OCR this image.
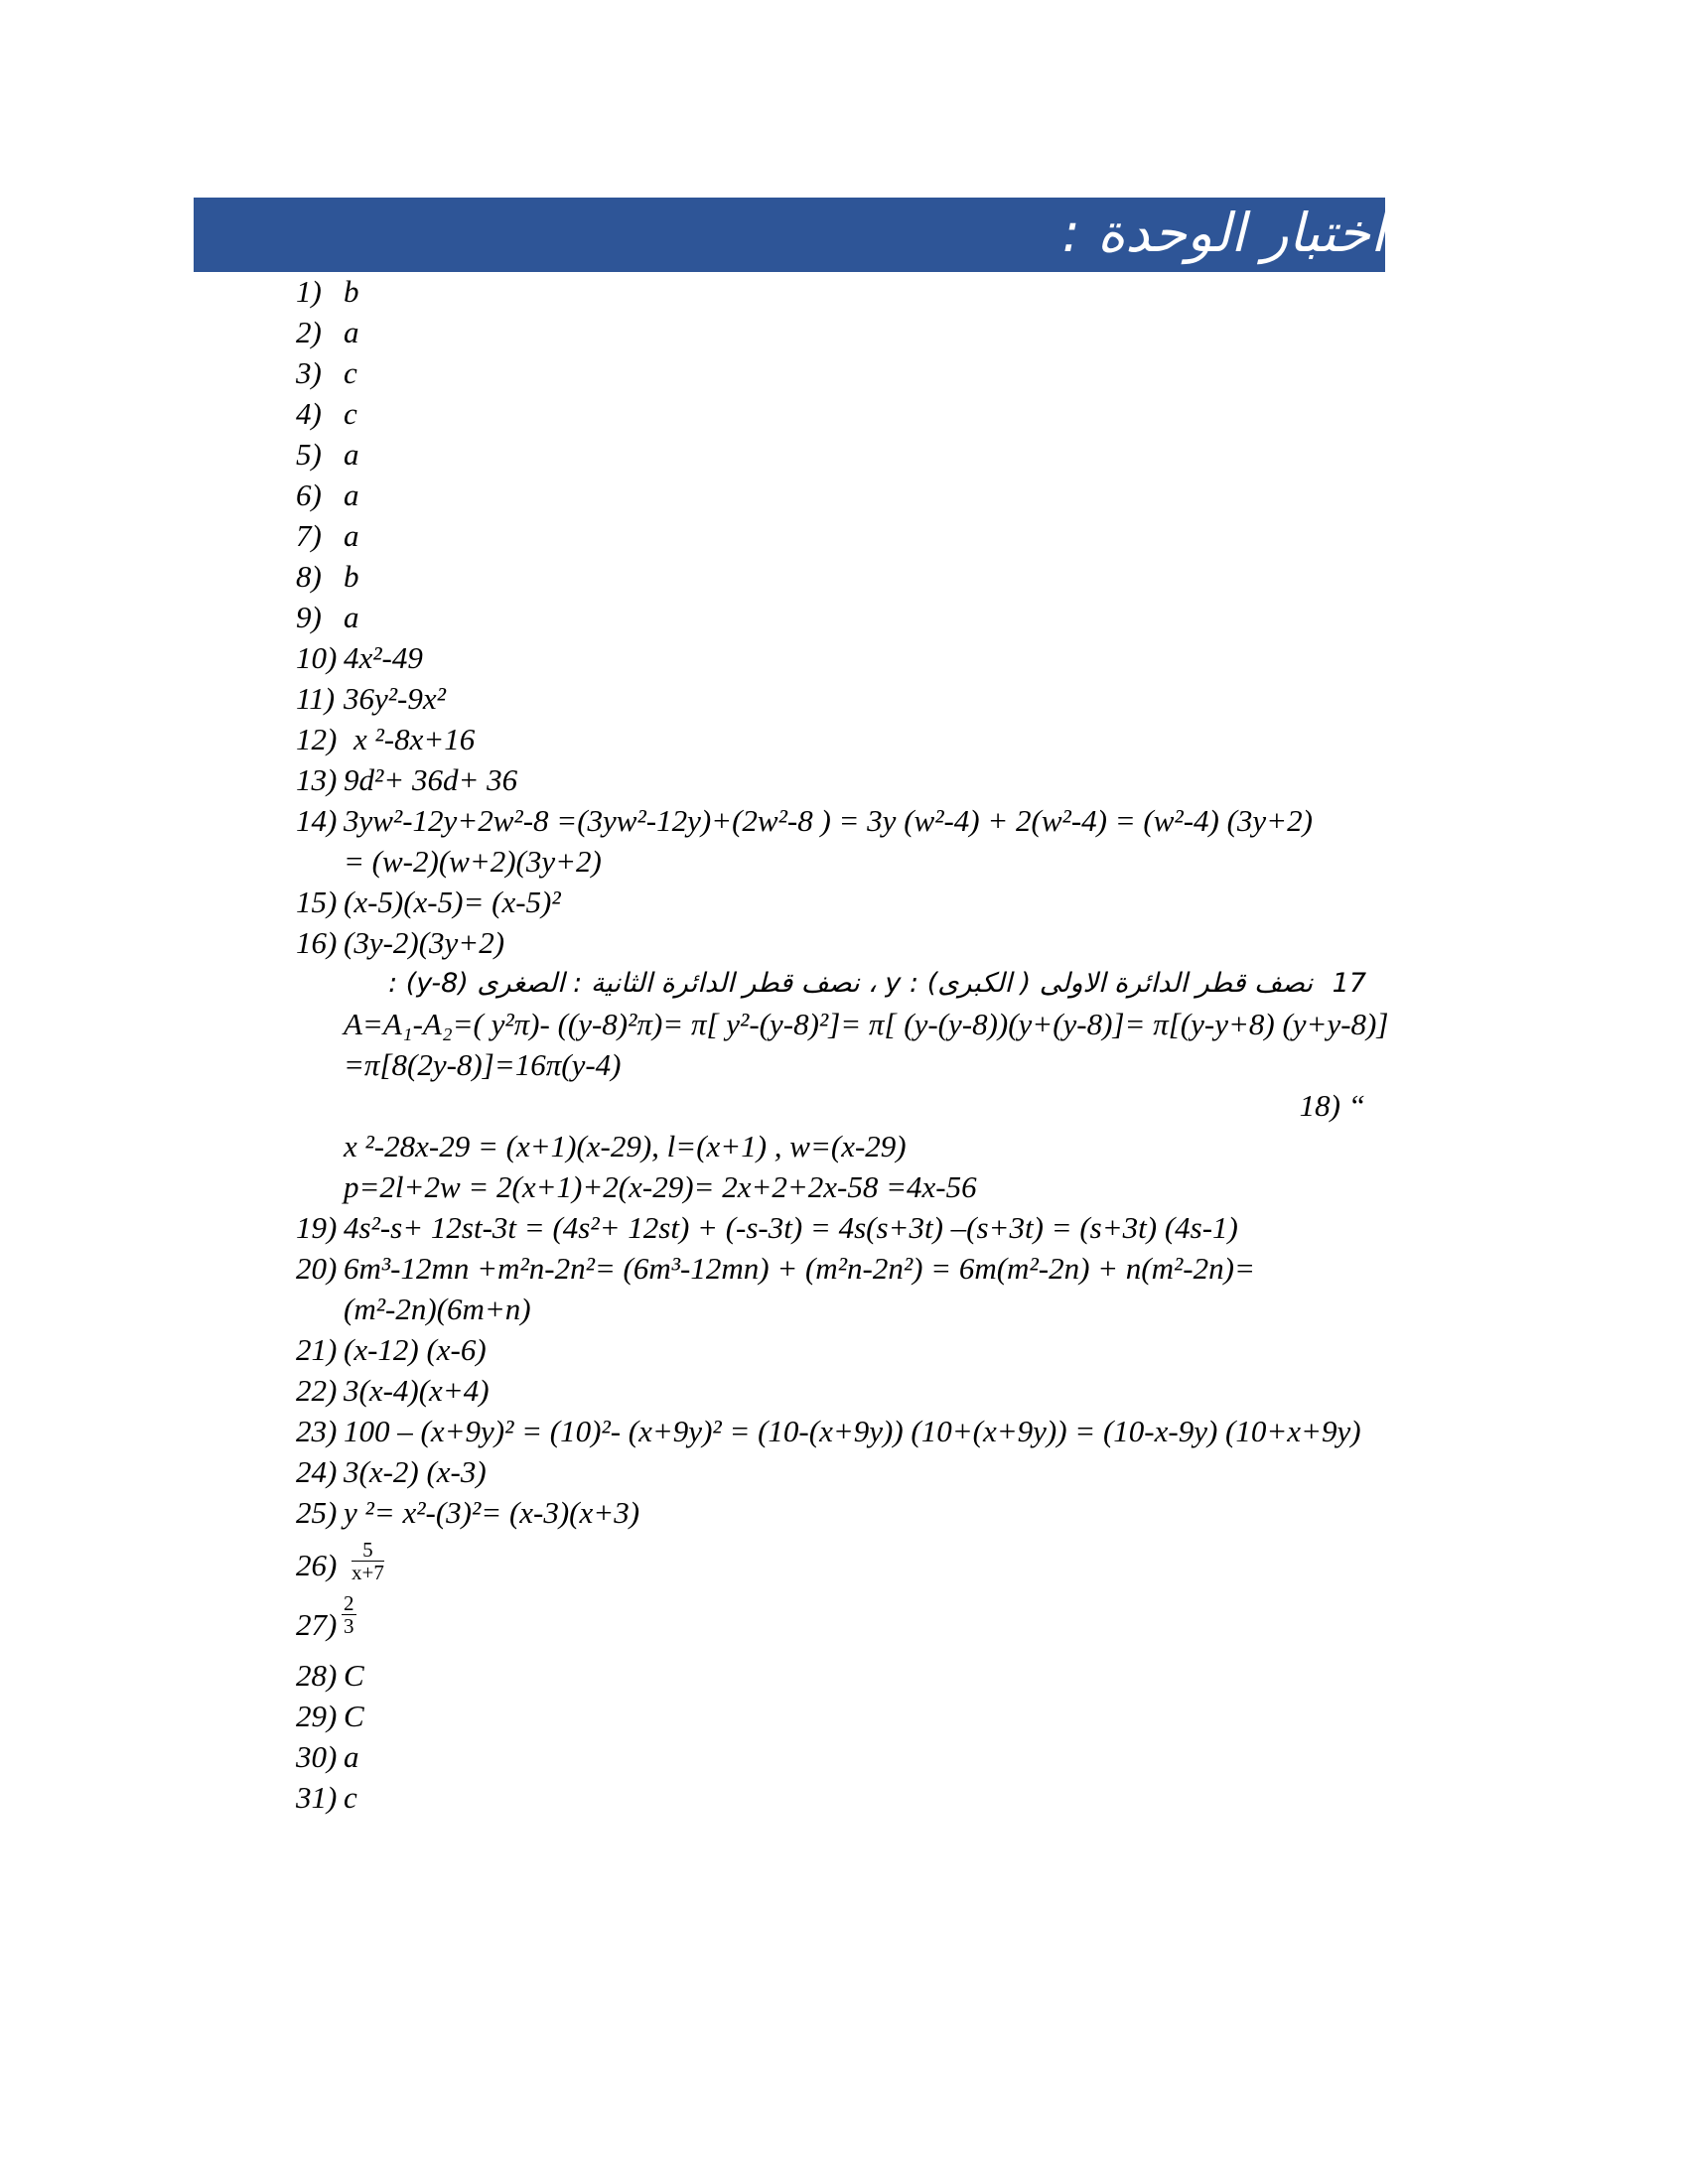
اختبار الوحدة :
1) b
2) a
3) c
4) c
5) a
6) a
7) a
8) b
9) a
10) 4x²-49
11) 36y²-9x²
12) x ²-8x+16
13) 9d²+ 36d+ 36
14) 3yw²-12y+2w²-8 =(3yw²-12y)+(2w²-8 ) = 3y (w²-4) + 2(w²-4) = (w²-4) (3y+2)
= (w-2)(w+2)(3y+2)
15) (x-5)(x-5)= (x-5)²
16) (3y-2)(3y+2)
17
نصف قطر الدائرة الاولى ( الكبرى) : y ، نصف قطر الدائرة الثانية : الصغرى (y-8) :
A=A₁-A₂=( y²π)- ((y-8)²π)= π[ y²-(y-8)²]= π[ (y-(y-8))(y+(y-8)]= π[(y-y+8) (y+y-8)]
=π[8(2y-8)]=16π(y-4)
“ (18
x ²-28x-29 = (x+1)(x-29), l=(x+1) , w=(x-29)
p=2l+2w = 2(x+1)+2(x-29)= 2x+2+2x-58 =4x-56
19) 4s²-s+ 12st-3t = (4s²+ 12st) + (-s-3t) = 4s(s+3t) –(s+3t) = (s+3t) (4s-1)
20) 6m³-12mn +m²n-2n²= (6m³-12mn) + (m²n-2n²) = 6m(m²-2n) + n(m²-2n)=
(m²-2n)(6m+n)
21) (x-12) (x-6)
22) 3(x-4)(x+4)
23) 100 – (x+9y)² = (10)²- (x+9y)² = (10-(x+9y)) (10+(x+9y)) = (10-x-9y) (10+x+9y)
24) 3(x-2) (x-3)
25) y ²= x²-(3)²= (x-3)(x+3)
$26) \frac{5}{x+7}$
$27) \frac{2}{3}$
28) C
29) C
30) a
31) c
